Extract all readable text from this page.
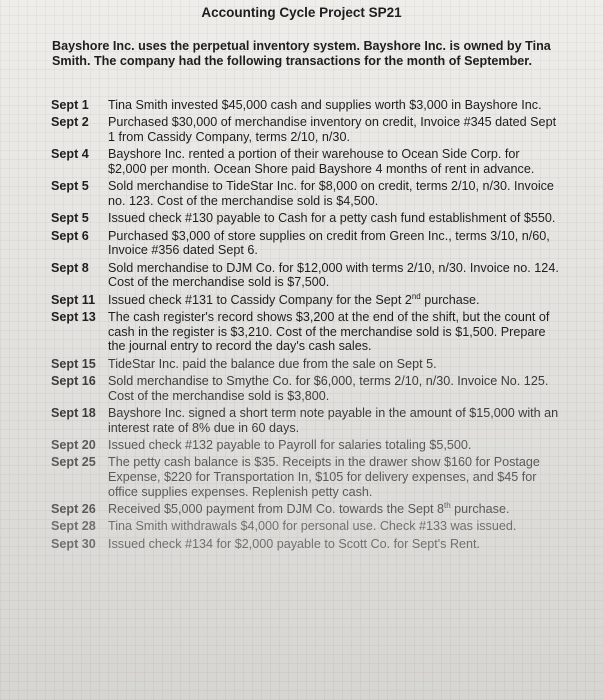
Accounting Cycle Project SP21
Bayshore Inc. uses the perpetual inventory system. Bayshore Inc. is owned by Tina Smith. The company had the following transactions for the month of September.
Sept 1	Tina Smith invested $45,000 cash and supplies worth $3,000 in Bayshore Inc.
Sept 2	Purchased $30,000 of merchandise inventory on credit, Invoice #345 dated Sept 1 from Cassidy Company, terms 2/10, n/30.
Sept 4	Bayshore Inc. rented a portion of their warehouse to Ocean Side Corp. for $2,000 per month. Ocean Shore paid Bayshore 4 months of rent in advance.
Sept 5	Sold merchandise to TideStar Inc. for $8,000 on credit, terms 2/10, n/30. Invoice no. 123. Cost of the merchandise sold is $4,500.
Sept 5	Issued check #130 payable to Cash for a petty cash fund establishment of $550.
Sept 6	Purchased $3,000 of store supplies on credit from Green Inc., terms 3/10, n/60, Invoice #356 dated Sept 6.
Sept 8	Sold merchandise to DJM Co. for $12,000 with terms 2/10, n/30. Invoice no. 124. Cost of the merchandise sold is $7,500.
Sept 11	Issued check #131 to Cassidy Company for the Sept 2nd purchase.
Sept 13 The cash register's record shows $3,200 at the end of the shift, but the count of cash in the register is $3,210. Cost of the merchandise sold is $1,500. Prepare the journal entry to record the day's cash sales.
Sept 15 TideStar Inc. paid the balance due from the sale on Sept 5.
Sept 16 Sold merchandise to Smythe Co. for $6,000, terms 2/10, n/30. Invoice No. 125. Cost of the merchandise sold is $3,800.
Sept 18 Bayshore Inc. signed a short term note payable in the amount of $15,000 with an interest rate of 8% due in 60 days.
Sept 20 Issued check #132 payable to Payroll for salaries totaling $5,500.
Sept 25 The petty cash balance is $35. Receipts in the drawer show $160 for Postage Expense, $220 for Transportation In, $105 for delivery expenses, and $45 for office supplies expenses. Replenish petty cash.
Sept 26 Received $5,000 payment from DJM Co. towards the Sept 8th purchase.
Sept 28 Tina Smith withdrawals $4,000 for personal use. Check #133 was issued.
Sept 30 Issued check #134 for $2,000 payable to Scott Co. for Sept's Rent.
